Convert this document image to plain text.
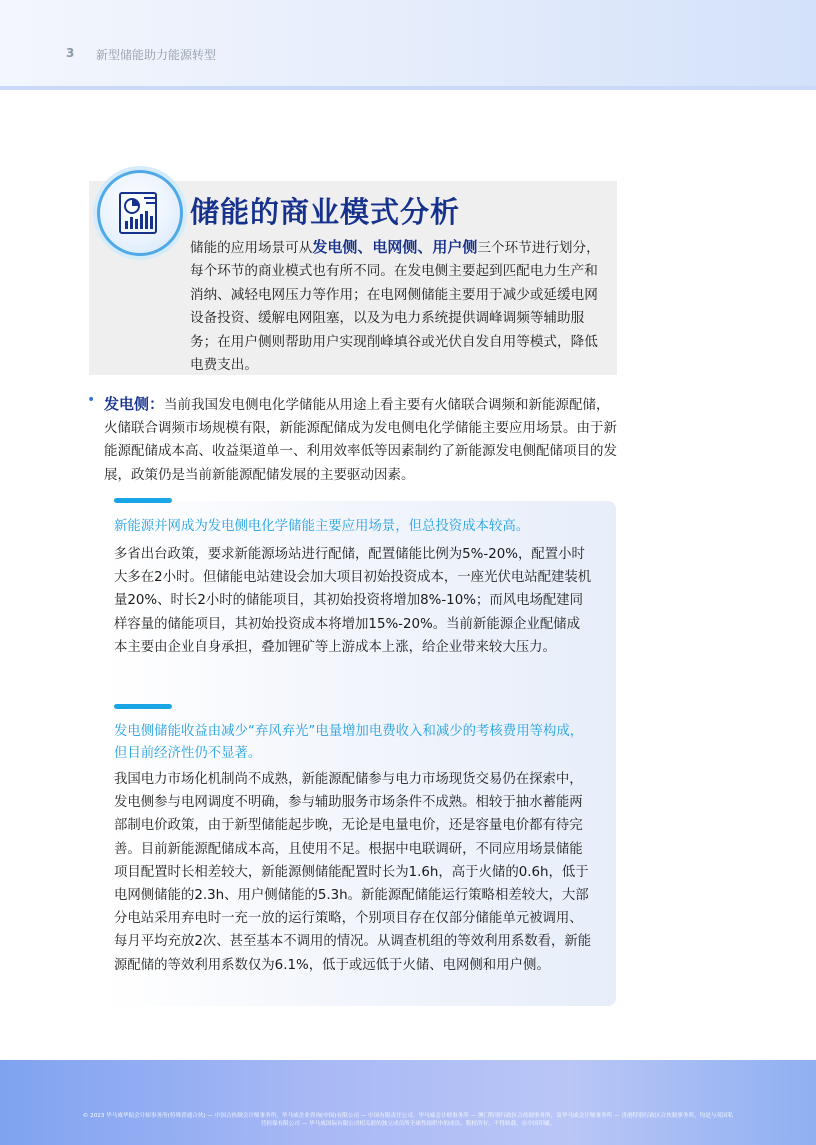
3 新型储能助力能源转型
储能的商业模式分析

储能的应用场景可从发电侧、电网侧、用户侧三个环节进行划分，每个环节的商业模式也有所不同。在发电侧主要起到匹配电力生产和消纳、减轻电网压力等作用；在电网侧储能主要用于减少或延缓电网设备投资、缓解电网阻塞，以及为电力系统提供调峰调频等辅助服务；在用户侧则帮助用户实现削峰填谷或光伏自发自用等模式，降低电费支出。

• 发电侧：当前我国发电侧电化学储能从用途上看主要有火储联合调频和新能源配储，火储联合调频市场规模有限，新能源配储成为发电侧电化学储能主要应用场景。由于新能源配储成本高、收益渠道单一、利用效率低等因素制约了新能源发电侧配储项目的发展，政策仍是当前新能源配储发展的主要驱动因素。

新能源并网成为发电侧电化学储能主要应用场景，但总投资成本较高。

多省出台政策，要求新能源场站进行配储，配置储能比例为5%-20%，配置小时大多在2小时。但储能电站建设会加大项目初始投资成本，一座光伏电站配建装机量20%、时长2小时的储能项目，其初始投资将增加8%-10%；而风电场配建同样容量的储能项目，其初始投资成本将增加15%-20%。当前新能源企业配储成本主要由企业自身承担，叠加锂矿等上游成本上涨，给企业带来较大压力。

发电侧储能收益由减少“弃风弃光”电量增加电费收入和减少的考核费用等构成，但目前经济性仍不显著。

我国电力市场化机制尚不成熟，新能源配储参与电力市场现货交易仍在探索中，发电侧参与电网调度不明确，参与辅助服务市场条件不成熟。相较于抽水蓄能两部制电价政策，由于新型储能起步晚，无论是电量电价，还是容量电价都有待完善。目前新能源配储成本高，且使用不足。根据中电联调研，不同应用场景储能项目配置时长相差较大，新能源侧储能配置时长为1.6h，高于火储的0.6h，低于电网侧储能的2.3h、用户侧储能的5.3h。新能源配储能运行策略相差较大，大部分电站采用弃电时一充一放的运行策略，个别项目存在仅部分储能单元被调用、每月平均充放2次、甚至基本不调用的情况。从调查机组的等效利用系数看，新能源配储的等效利用系数仅为6.1%，低于或远低于火储、电网侧和用户侧。

© 2023 毕马威华振会计师事务所(特殊普通合伙) — 中国合伙制会计师事务所，毕马威企业咨询(中国)有限公司 — 中国有限责任公司，毕马威会计师事务所 — 澳门特别行政区合伙制事务所，及毕马威会计师事务所 — 香港特别行政区合伙制事务所，均是与英国私营担保有限公司 — 毕马威国际有限公司相关联的独立成员所全球性组织中的成员。版权所有，不得转载。在中国印刷。
